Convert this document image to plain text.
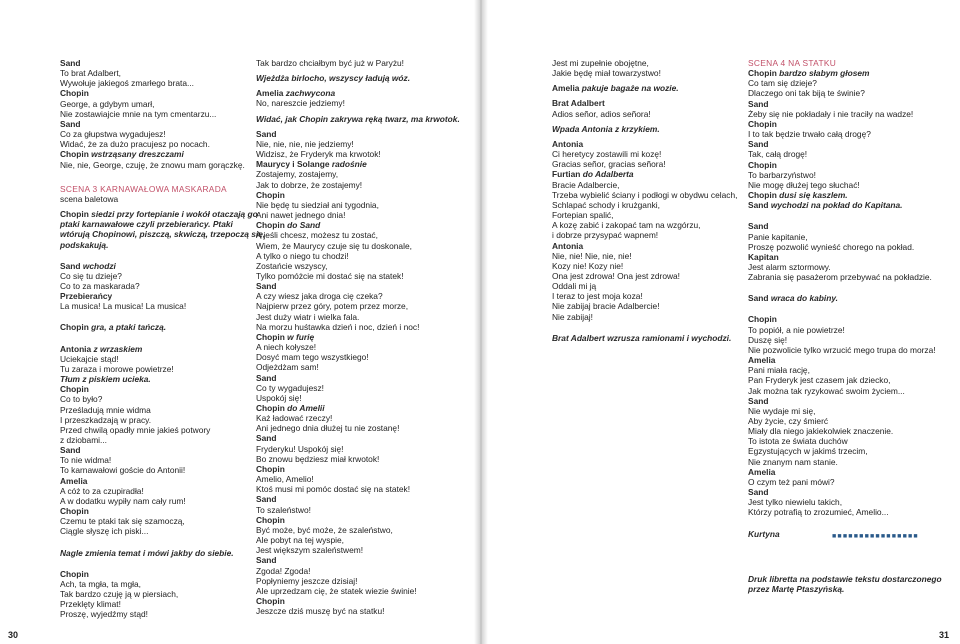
Sand
To brat Adalbert,
Wywołuje jakiegoś zmarłego brata...
Chopin
George, a gdybym umarł,
Nie zostawiajcie mnie na tym cmentarzu...
Sand
Co za głupstwa wygadujesz!
Widać, że za dużo pracujesz po nocach.
Chopin wstrząsany dreszczami
Nie, nie, George, czuję, że znowu mam gorączkę.
SCENA 3 KARNAWAŁOWA MASKARADA
scena baletowa
Chopin siedzi przy fortepianie i wokół otaczają go
ptaki karnawałowe czyli przebierańcy. Ptaki
wtórują Chopinowi, piszczą, skwiczą, trzepoczą się,
podskakują.
Sand wchodzi
Co się tu dzieje?
Co to za maskarada?
Przebierańcy
La musica! La musica! La musica!
Chopin gra, a ptaki tańczą.
Antonia z wrzaskiem
Uciekajcie stąd!
Tu zaraza i morowe powietrze!
Tłum z piskiem ucieka.
Chopin
Co to było?
Prześladują mnie widma
I przeszkadzają w pracy.
Przed chwilą opadły mnie jakieś potwory
z dziobami...
Sand
To nie widma!
To karnawałowi goście do Antonii!
Amelia
A cóż to za czupiradła!
A w dodatku wypiły nam cały rum!
Chopin
Czemu te ptaki tak się szamoczą,
Ciągle słyszę ich piski...
Nagle zmienia temat i mówi jakby do siebie.
Chopin
Ach, ta mgła, ta mgła,
Tak bardzo czuję ją w piersiach,
Przeklęty klimat!
Proszę, wyjedźmy stąd!
Tak bardzo chciałbym być już w Paryżu!
Wjeżdża birlocho, wszyscy ładują wóz.
Amelia zachwycona
No, nareszcie jedziemy!
Widać, jak Chopin zakrywa ręką twarz, ma krwotok.
Sand
Nie, nie, nie, nie jedziemy!
Widzisz, że Fryderyk ma krwotok!
Maurycy i Solange radośnie
Zostajemy, zostajemy,
Jak to dobrze, że zostajemy!
Chopin
Nie będę tu siedział ani tygodnia,
Ani nawet jednego dnia!
Chopin do Sand
A jeśli chcesz, możesz tu zostać,
Wiem, że Maurycy czuje się tu doskonale,
A tylko o niego tu chodzi!
Zostańcie wszyscy,
Tylko pomóżcie mi dostać się na statek!
Sand
A czy wiesz jaka droga cię czeka?
Najpierw przez góry, potem przez morze,
Jest duży wiatr i wielka fala.
Na morzu huśtawka dzień i noc, dzień i noc!
Chopin w furię
A niech kołysze!
Dosyć mam tego wszystkiego!
Odjeżdżam sam!
Sand
Co ty wygadujesz!
Uspokój się!
Chopin do Amelii
Każ ładować rzeczy!
Ani jednego dnia dłużej tu nie zostanę!
Sand
Fryderyku! Uspokój się!
Bo znowu będziesz miał krwotok!
Chopin
Amelio, Amelio!
Ktoś musi mi pomóc dostać się na statek!
Sand
To szaleństwo!
Chopin
Być może, być może, że szaleństwo,
Ale pobyt na tej wyspie,
Jest większym szaleństwem!
Sand
Zgoda! Zgoda!
Popłyniemy jeszcze dzisiaj!
Ale uprzedzam cię, że statek wiezie świnie!
Chopin
Jeszcze dziś muszę być na statku!
Jest mi zupełnie obojętne,
Jakie będę miał towarzystwo!
Amelia pakuje bagaże na wozie.
Brat Adalbert
Adios señor, adios señora!
Wpada Antonia z krzykiem.
Antonia
Ci heretycy zostawili mi kozę!
Gracias señor, gracias señora!
Furtian do Adalberta
Bracie Adalbercie,
Trzeba wybielić ściany i podłogi w obydwu celach,
Schlapać schody i krużganki,
Fortepian spalić,
A kozę zabić i zakopać tam na wzgórzu,
i dobrze przysypać wapnem!
Antonia
Nie, nie! Nie, nie, nie!
Kozy nie! Kozy nie!
Ona jest zdrowa! Ona jest zdrowa!
Oddali mi ją
I teraz to jest moja koza!
Nie zabijaj bracie Adalbercie!
Nie zabijaj!
Brat Adalbert wzrusza ramionami i wychodzi.
SCENA 4 NA STATKU
Chopin bardzo słabym głosem
Co tam się dzieje?
Dlaczego oni tak biją te świnie?
Sand
Żeby się nie pokładały i nie traciły na wadze!
Chopin
I to tak będzie trwało całą drogę?
Sand
Tak, całą drogę!
Chopin
To barbarzyństwo!
Nie mogę dłużej tego słuchać!
Chopin dusi się kaszlem.
Sand wychodzi na pokład do Kapitana.
Sand
Panie kapitanie,
Proszę pozwolić wynieść chorego na pokład.
Kapitan
Jest alarm sztormowy.
Zabrania się pasażerom przebywać na pokładzie.
Sand wraca do kabiny.
Chopin
To popiół, a nie powietrze!
Duszę się!
Nie pozwolicie tylko wrzucić mego trupa do morza!
Amelia
Pani miała rację,
Pan Fryderyk jest czasem jak dziecko,
Jak można tak ryzykować swoim życiem...
Sand
Nie wydaje mi się,
Aby życie, czy śmierć
Miały dla niego jakiekolwiek znaczenie.
To istota ze świata duchów
Egzystujących w jakimś trzecim,
Nie znanym nam stanie.
Amelia
O czym też pani mówi?
Sand
Jest tylko niewielu takich,
Którzy potrafią to zrozumieć, Amelio...
Kurtyna	■■■■■■■■■■■■■■■■
Druk libretta na podstawie tekstu dostarczonego
przez Martę Ptaszyńską.
30	31
